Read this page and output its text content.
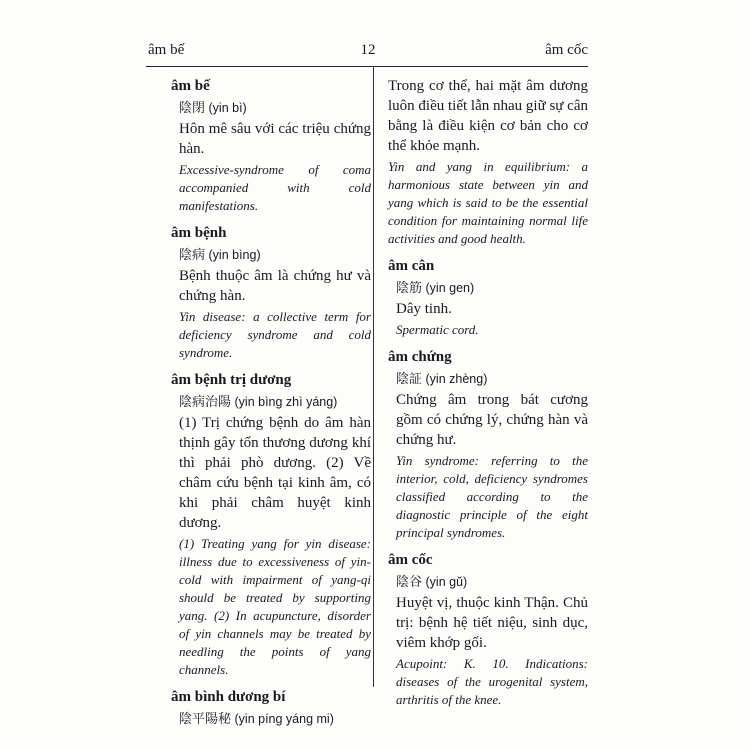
âm bế	12	âm cốc
âm bế
陰閉 (yin bì)
Hôn mê sâu với các triệu chứng hàn.
Excessive-syndrome of coma accompanied with cold manifestations.
âm bệnh
陰病 (yin bìng)
Bệnh thuộc âm là chứng hư và chứng hàn.
Yin disease: a collective term for deficiency syndrome and cold syndrome.
âm bệnh trị dương
陰病治陽 (yin bìng zhì yáng)
(1) Trị chứng bệnh do âm hàn thịnh gây tổn thương dương khí thì phải phò dương. (2) Về châm cứu bệnh tại kinh âm, có khi phải châm huyệt kinh dương.
(1) Treating yang for yin disease: illness due to excessiveness of yin-cold with impairment of yang-qi should be treated by supporting yang. (2) In acupuncture, disorder of yin channels may be treated by needling the points of yang channels.
âm bình dương bí
陰平陽秘 (yin píng yáng mi)
Trong cơ thể, hai mặt âm dương luôn điều tiết lẫn nhau giữ sự cân bằng là điều kiện cơ bản cho cơ thể khỏe mạnh.
Yin and yang in equilibrium: a harmonious state between yin and yang which is said to be the essential condition for maintaining normal life activities and good health.
âm cân
陰筋 (yin gen)
Dây tinh.
Spermatic cord.
âm chứng
陰証 (yin zhèng)
Chứng âm trong bát cương gồm có chứng lý, chứng hàn và chứng hư.
Yin syndrome: referring to the interior, cold, deficiency syndromes classified according to the diagnostic principle of the eight principal syndromes.
âm cốc
陰谷 (yin gŭ)
Huyệt vị, thuộc kinh Thận. Chủ trị: bệnh hệ tiết niệu, sinh dục, viêm khớp gối.
Acupoint: K. 10. Indications: diseases of the urogenital system, arthritis of the knee.
